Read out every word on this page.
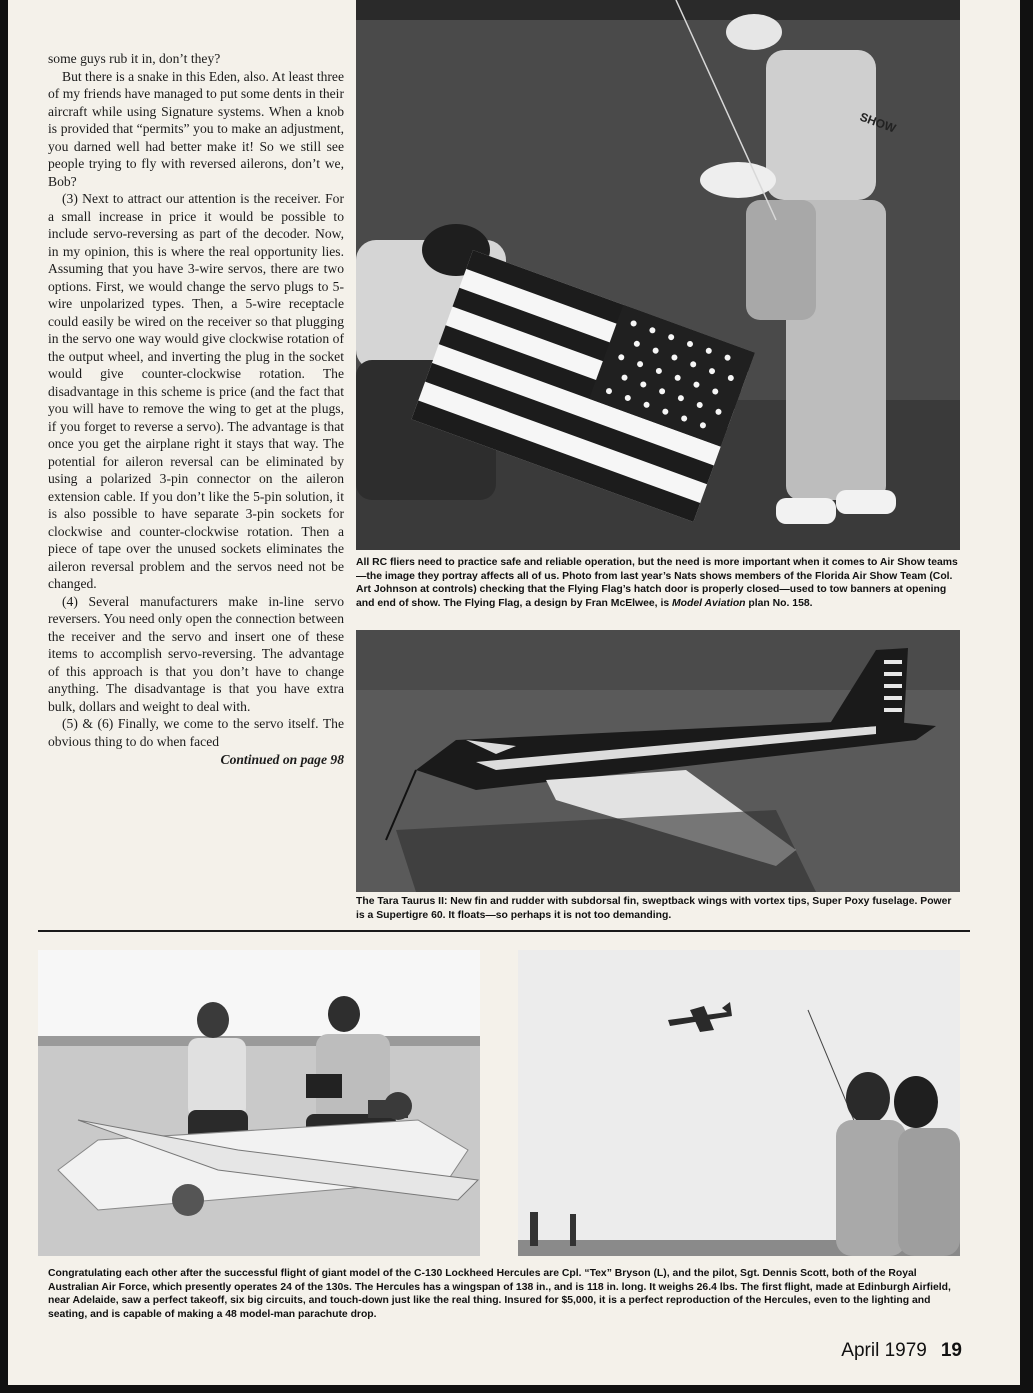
some guys rub it in, don’t they?

But there is a snake in this Eden, also. At least three of my friends have managed to put some dents in their aircraft while using Signature systems. When a knob is provided that “permits” you to make an adjustment, you darned well had better make it! So we still see people trying to fly with reversed ailerons, don’t we, Bob?

(3) Next to attract our attention is the receiver. For a small increase in price it would be possible to include servo-reversing as part of the decoder. Now, in my opinion, this is where the real opportunity lies. Assuming that you have 3-wire servos, there are two options. First, we would change the servo plugs to 5-wire unpolarized types. Then, a 5-wire receptacle could easily be wired on the receiver so that plugging in the servo one way would give clockwise rotation of the output wheel, and inverting the plug in the socket would give counter-clockwise rotation. The disadvantage in this scheme is price (and the fact that you will have to remove the wing to get at the plugs, if you forget to reverse a servo). The advantage is that once you get the airplane right it stays that way. The potential for aileron reversal can be eliminated by using a polarized 3-pin connector on the aileron extension cable. If you don’t like the 5-pin solution, it is also possible to have separate 3-pin sockets for clockwise and counter-clockwise rotation. Then a piece of tape over the unused sockets eliminates the aileron reversal problem and the servos need not be changed.

(4) Several manufacturers make in-line servo reversers. You need only open the connection between the receiver and the servo and insert one of these items to accomplish servo-reversing. The advantage of this approach is that you don’t have to change anything. The disadvantage is that you have extra bulk, dollars and weight to deal with.

(5) & (6) Finally, we come to the servo itself. The obvious thing to do when faced

Continued on page 98
SHOW
All RC fliers need to practice safe and reliable operation, but the need is more important when it comes to Air Show teams—the image they portray affects all of us. Photo from last year’s Nats shows members of the Florida Air Show Team (Col. Art Johnson at controls) checking that the Flying Flag’s hatch door is properly closed—used to tow banners at opening and end of show. The Flying Flag, a design by Fran McElwee, is Model Aviation plan No. 158.
The Tara Taurus II: New fin and rudder with subdorsal fin, sweptback wings with vortex tips, Super Poxy fuselage. Power is a Supertigre 60. It floats—so perhaps it is not too demanding.
Congratulating each other after the successful flight of giant model of the C-130 Lockheed Hercules are Cpl. “Tex” Bryson (L), and the pilot, Sgt. Dennis Scott, both of the Royal Australian Air Force, which presently operates 24 of the 130s. The Hercules has a wingspan of 138 in., and is 118 in. long. It weighs 26.4 lbs. The first flight, made at Edinburgh Airfield, near Adelaide, saw a perfect takeoff, six big circuits, and touch-down just like the real thing. Insured for $5,000, it is a perfect reproduction of the Hercules, even to the lighting and seating, and is capable of making a 48 model-man parachute drop.
April 1979 19
